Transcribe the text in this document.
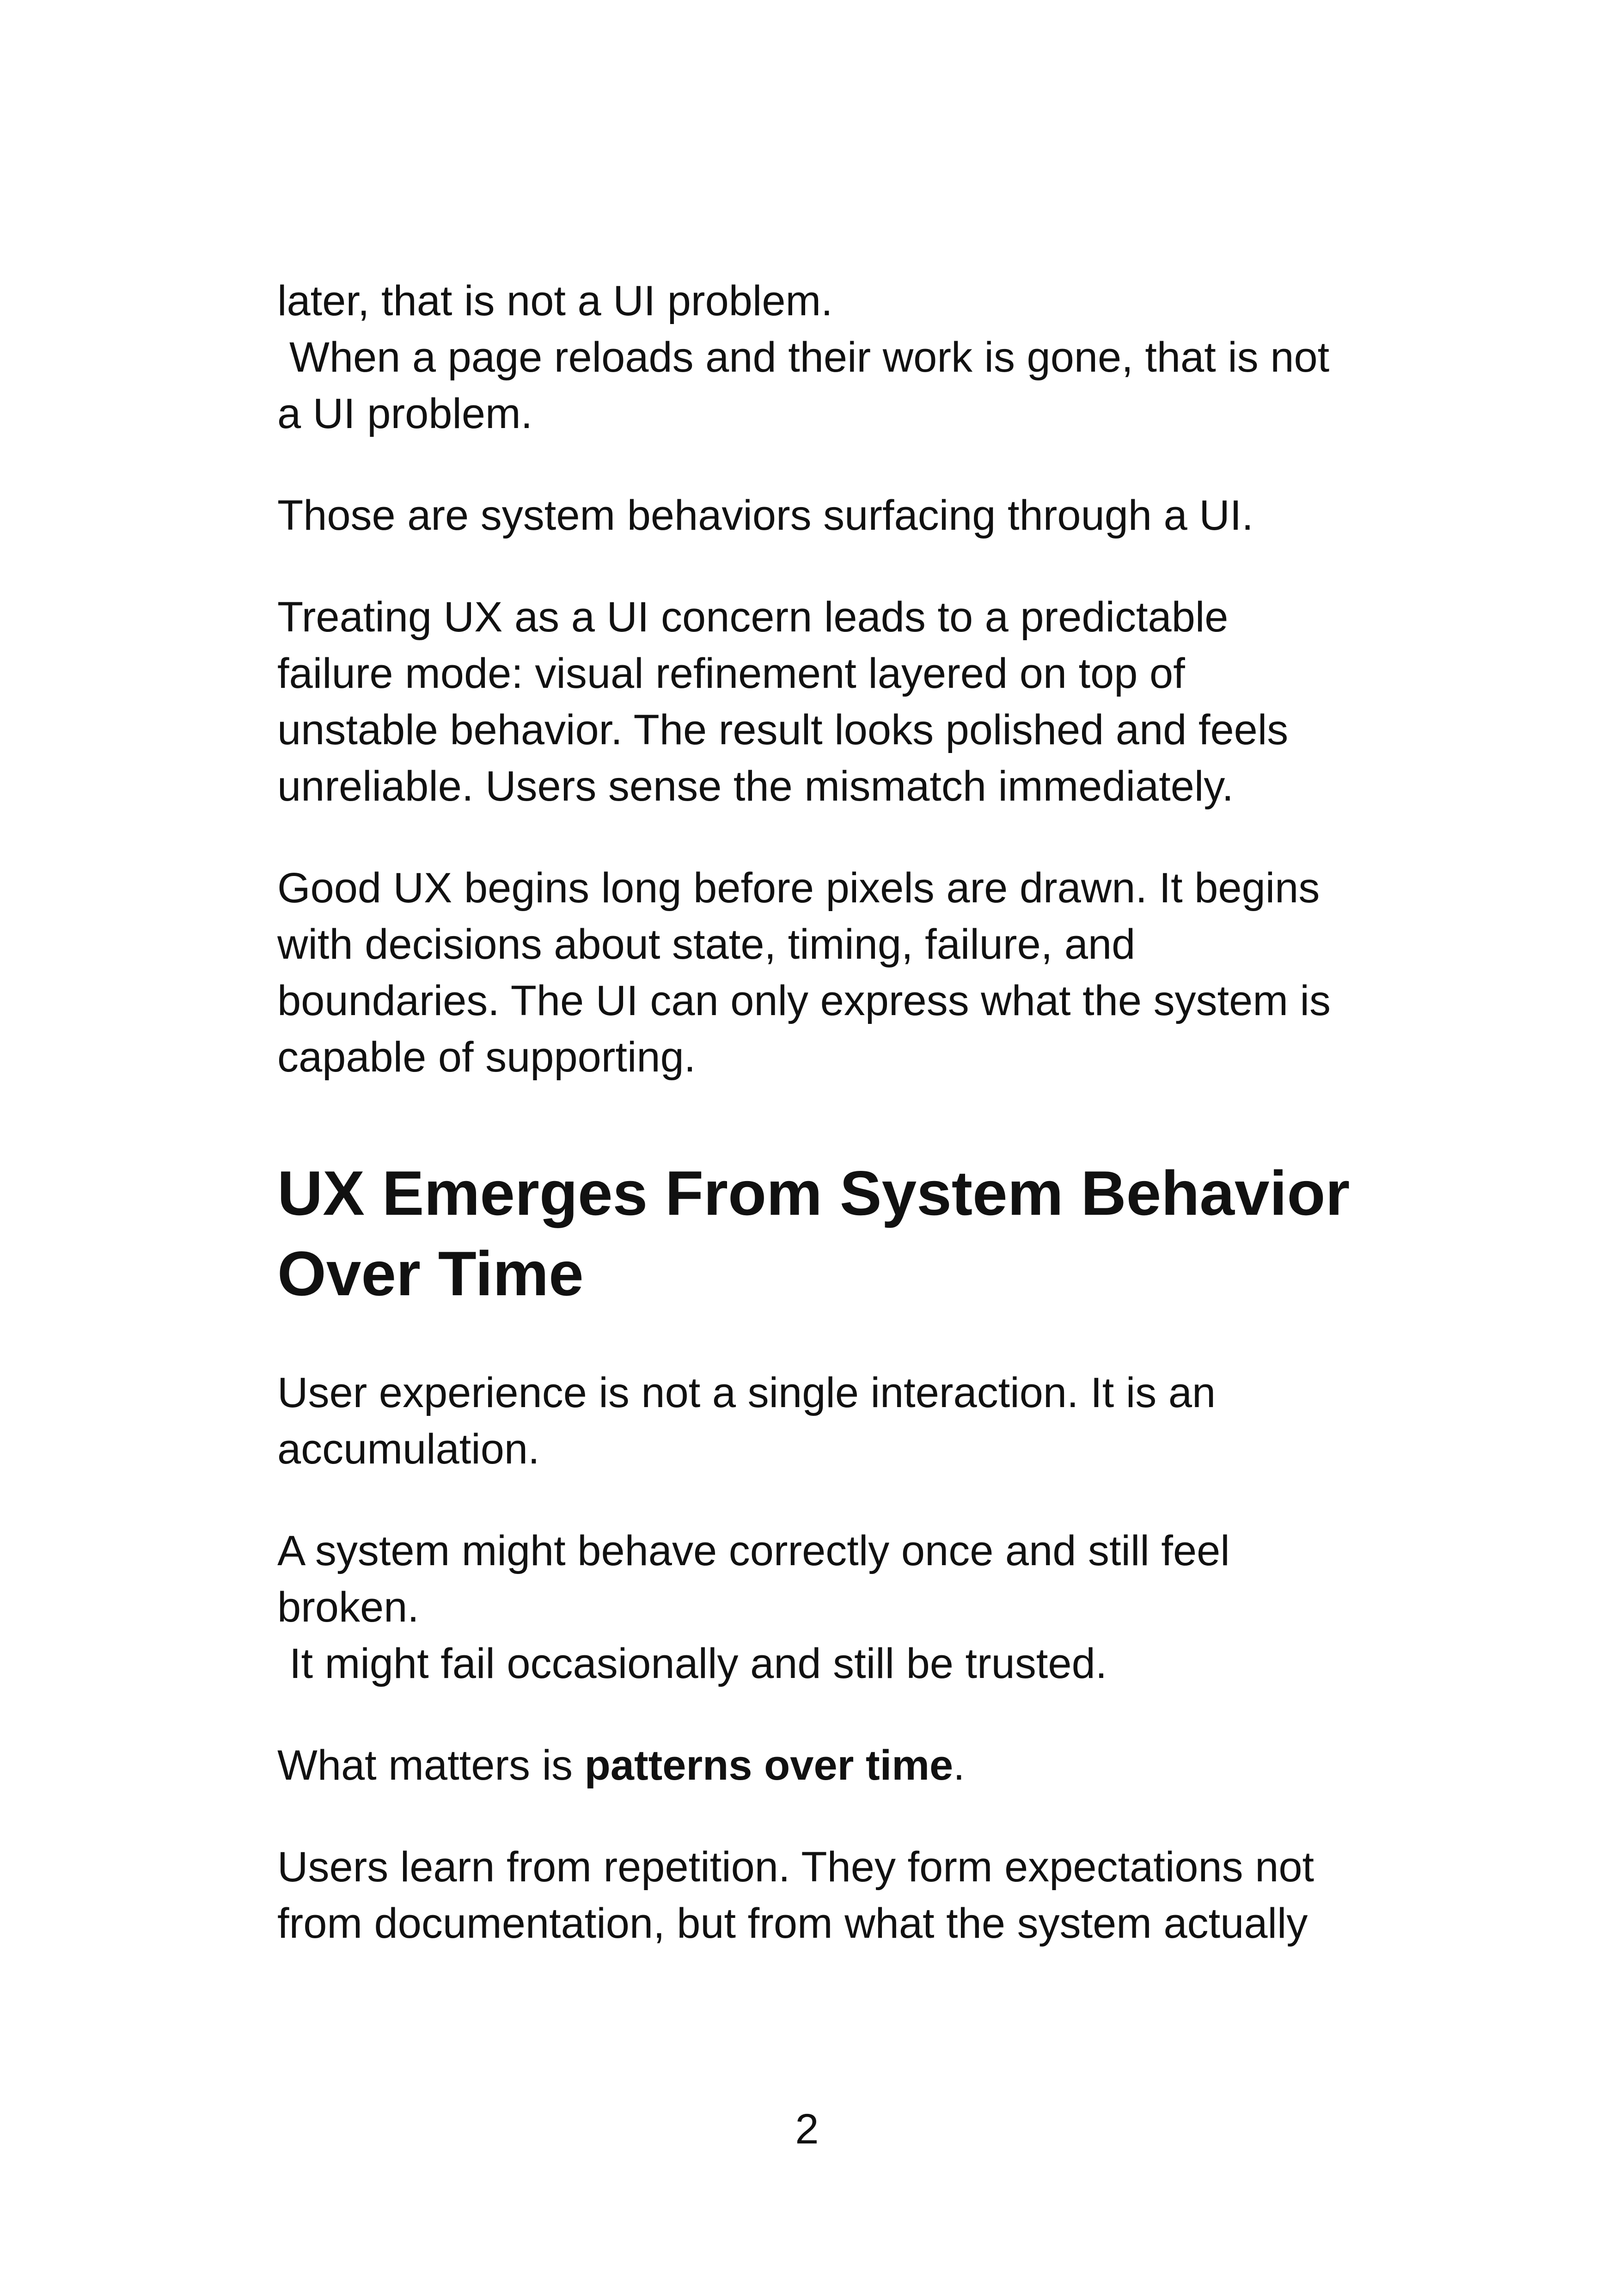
later, that is not a UI problem.

When a page reloads and their work is gone, that is not

a UI problem.

Those are system behaviors surfacing through a UI.

Treating UX as a UI concern leads to a predictable

failure mode: visual refinement layered on top of

unstable behavior. The result looks polished and feels

unreliable. Users sense the mismatch immediately.

Good UX begins long before pixels are drawn. It begins

with decisions about state, timing, failure, and

boundaries. The UI can only express what the system is

capable of supporting.

UX Emerges From System Behavior
Over Time

User experience is not a single interaction. It is an

accumulation.

A system might behave correctly once and still feel

broken.

It might fail occasionally and still be trusted.

What matters is patterns over time.

Users learn from repetition. They form expectations not

from documentation, but from what the system actually

2
